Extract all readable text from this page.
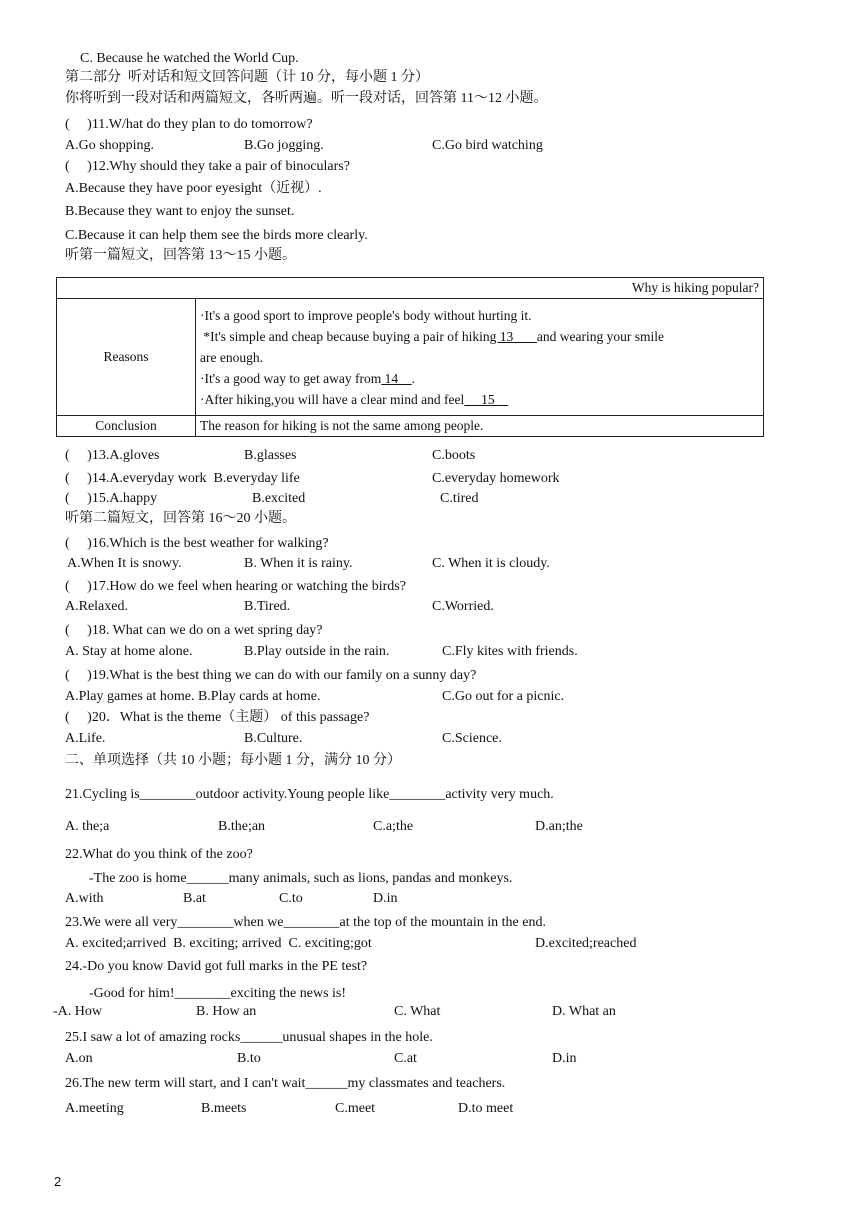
C. Because he watched the World Cup.
第二部分  听对话和短文回答问题（计 10 分，每小题 1 分）
你将听到一段对话和两篇短文，各听两遍。听一段对话，回答第 11～12 小题。
(     )11.W/hat do they plan to do tomorrow?
A.Go shopping.	B.Go jogging.	C.Go bird watching
(     )12.Why should they take a pair of binoculars?
A.Because they have poor eyesight（近视）.
B.Because they want to enjoy the sunset.
C.Because it can help them see the birds more clearly.
听第一篇短文，回答第 13～15 小题。
Why is hiking popular?	
Reasons	·It's a good sport to improve people's body without hurting it.
*It's simple and cheap because buying a pair of hiking 13       and wearing your smile
are enough.
·It's a good way to get away from 14    .
·After hiking,you will have a clear mind and feel     15

Conclusion	The reason for hiking is not the same among people.
(     )13.A.gloves	B.glasses	C.boots
(     )14.A.everyday work  B.everyday life	C.everyday homework
(     )15.A.happy	B.excited	C.tired
听第二篇短文，回答第 16～20 小题。
(     )16.Which is the best weather for walking?
A.When It is snowy.	B. When it is rainy.	C. When it is cloudy.
(     )17.How do we feel when hearing or watching the birds?
A.Relaxed.	B.Tired.	C.Worried.
(     )18. What can we do on a wet spring day?
A. Stay at home alone.	B.Play outside in the rain.	C.Fly kites with friends.
(     )19.What is the best thing we can do with our family on a sunny day?
A.Play games at home. B.Play cards at home.	C.Go out for a picnic.
(     )20．What is the theme（主题） of this passage?
A.Life.	B.Culture.	C.Science.
二、单项选择（共 10 小题；每小题 1 分，满分 10 分）
21.Cycling is________outdoor activity.Young people like________activity very much.
A. the;a	B.the;an	C.a;the	D.an;the
22.What do you think of the zoo?
-The zoo is home______many animals, such as lions, pandas and monkeys.
A.with	B.at	C.to	D.in
23.We were all very________when we________at the top of the mountain in the end.
A. excited;arrived  B. exciting; arrived  C. exciting;got	D.excited;reached
24.-Do you know David got full marks in the PE test?
-Good for him!________exciting the news is!
-A. How	B. How an	C. What	D. What an
25.I saw a lot of amazing rocks______unusual shapes in the hole.
A.on	B.to	C.at	D.in
26.The new term will start, and I can't wait______my classmates and teachers.
A.meeting	B.meets	C.meet	D.to meet
2
